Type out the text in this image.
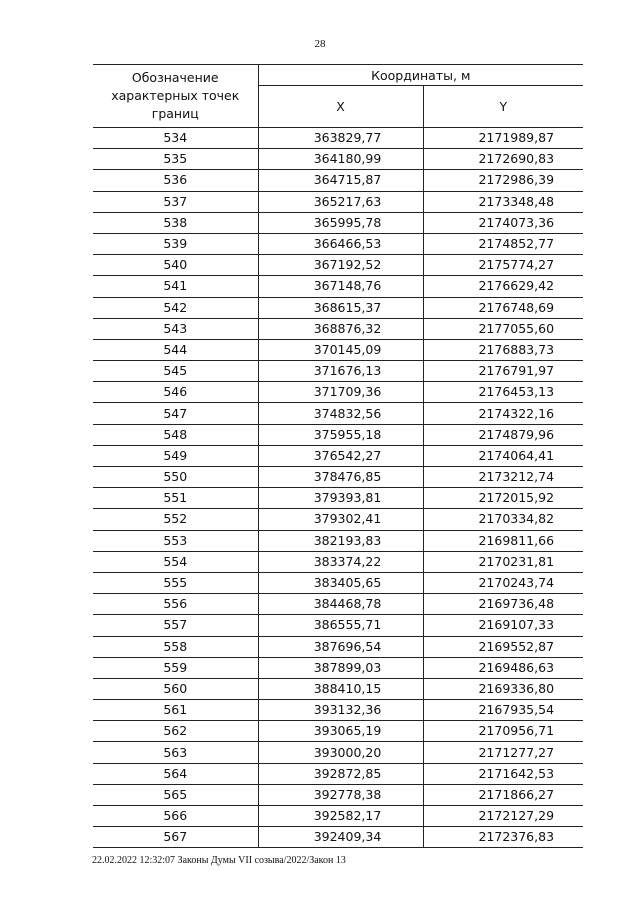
28
Обозначение характерных точек границ	Координаты, м	
	X	Y
534	363829,77	2171989,87
535	364180,99	2172690,83
536	364715,87	2172986,39
537	365217,63	2173348,48
538	365995,78	2174073,36
539	366466,53	2174852,77
540	367192,52	2175774,27
541	367148,76	2176629,42
542	368615,37	2176748,69
543	368876,32	2177055,60
544	370145,09	2176883,73
545	371676,13	2176791,97
546	371709,36	2176453,13
547	374832,56	2174322,16
548	375955,18	2174879,96
549	376542,27	2174064,41
550	378476,85	2173212,74
551	379393,81	2172015,92
552	379302,41	2170334,82
553	382193,83	2169811,66
554	383374,22	2170231,81
555	383405,65	2170243,74
556	384468,78	2169736,48
557	386555,71	2169107,33
558	387696,54	2169552,87
559	387899,03	2169486,63
560	388410,15	2169336,80
561	393132,36	2167935,54
562	393065,19	2170956,71
563	393000,20	2171277,27
564	392872,85	2171642,53
565	392778,38	2171866,27
566	392582,17	2172127,29
567	392409,34	2172376,83
22.02.2022 12:32:07 Законы Думы VII созыва/2022/Закон 13
